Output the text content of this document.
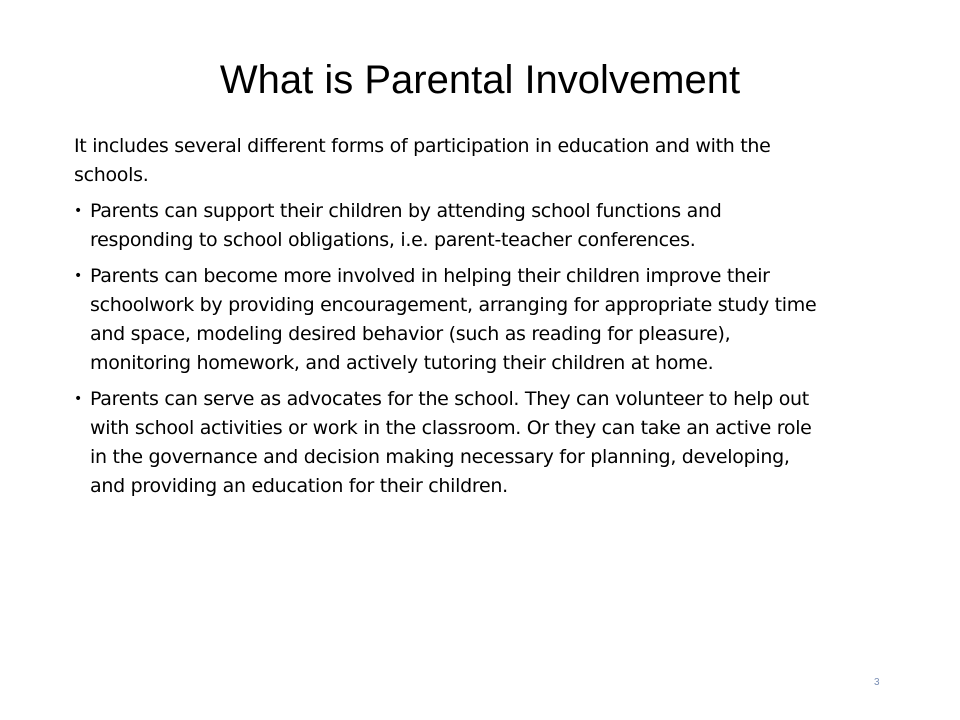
What is Parental Involvement

It includes several different forms of participation in education and with the schools.

• Parents can support their children by attending school functions and responding to school obligations, i.e. parent-teacher conferences.
• Parents can become more involved in helping their children improve their schoolwork by providing encouragement, arranging for appropriate study time and space, modeling desired behavior (such as reading for pleasure), monitoring homework, and actively tutoring their children at home.
• Parents can serve as advocates for the school. They can volunteer to help out with school activities or work in the classroom. Or they can take an active role in the governance and decision making necessary for planning, developing, and providing an education for their children.
3
